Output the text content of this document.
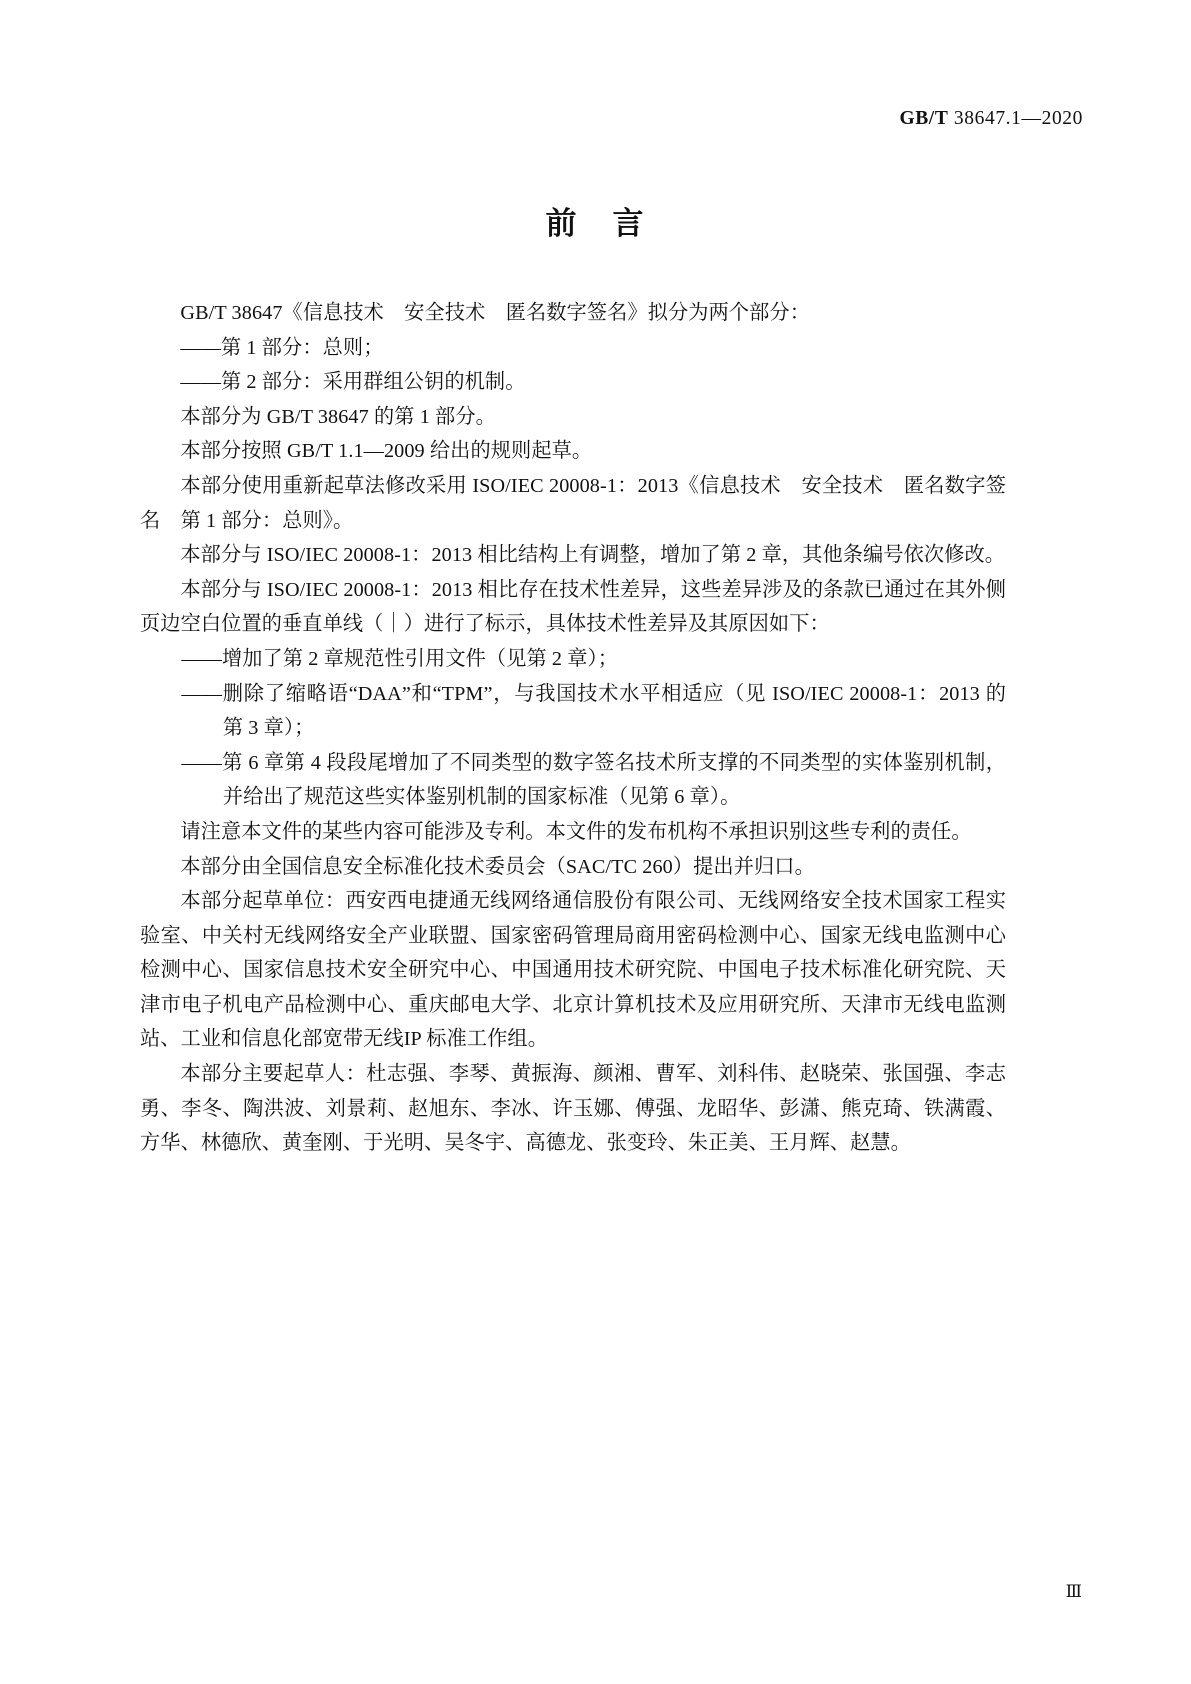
GB/T 38647.1—2020
前 言

GB/T 38647《信息技术　安全技术　匿名数字签名》拟分为两个部分：

——第 1 部分：总则；
——第 2 部分：采用群组公钥的机制。

本部分为 GB/T 38647 的第 1 部分。

本部分按照 GB/T 1.1—2009 给出的规则起草。

本部分使用重新起草法修改采用 ISO/IEC 20008-1：2013《信息技术　安全技术　匿名数字签名　第 1 部分：总则》。

本部分与 ISO/IEC 20008-1：2013 相比结构上有调整，增加了第 2 章，其他条编号依次修改。

本部分与 ISO/IEC 20008-1：2013 相比存在技术性差异，这些差异涉及的条款已通过在其外侧页边空白位置的垂直单线（｜）进行了标示，具体技术性差异及其原因如下：

——增加了第 2 章规范性引用文件（见第 2 章）；
——删除了缩略语“DAA”和“TPM”，与我国技术水平相适应（见 ISO/IEC 20008-1：2013 的第 3 章）；
——第 6 章第 4 段段尾增加了不同类型的数字签名技术所支撑的不同类型的实体鉴别机制，并给出了规范这些实体鉴别机制的国家标准（见第 6 章）。

请注意本文件的某些内容可能涉及专利。本文件的发布机构不承担识别这些专利的责任。

本部分由全国信息安全标准化技术委员会（SAC/TC 260）提出并归口。

本部分起草单位：西安西电捷通无线网络通信股份有限公司、无线网络安全技术国家工程实验室、中关村无线网络安全产业联盟、国家密码管理局商用密码检测中心、国家无线电监测中心检测中心、国家信息技术安全研究中心、中国通用技术研究院、中国电子技术标准化研究院、天津市电子机电产品检测中心、重庆邮电大学、北京计算机技术及应用研究所、天津市无线电监测站、工业和信息化部宽带无线IP 标准工作组。

本部分主要起草人：杜志强、李琴、黄振海、颜湘、曹军、刘科伟、赵晓荣、张国强、李志勇、李冬、陶洪波、刘景莉、赵旭东、李冰、许玉娜、傅强、龙昭华、彭潇、熊克琦、铁满霞、方华、林德欣、黄奎刚、于光明、吴冬宇、高德龙、张变玲、朱正美、王月辉、赵慧。

Ⅲ
